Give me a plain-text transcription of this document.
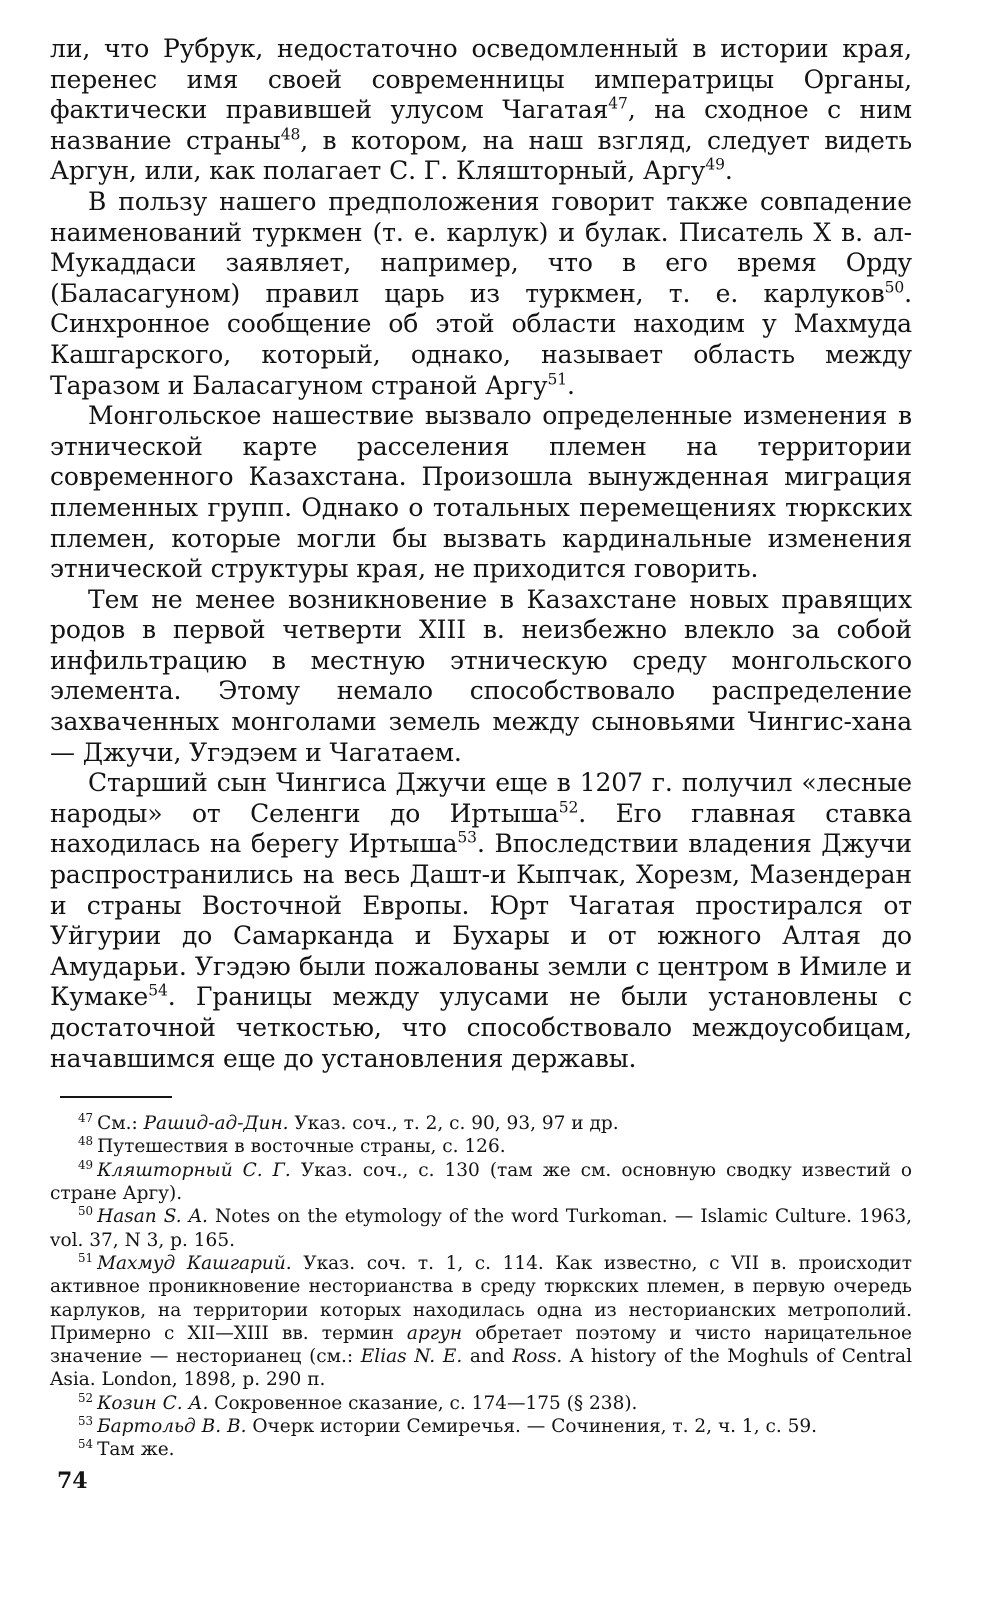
ли, что Рубрук, недостаточно осведомленный в истории края, перенес имя своей современницы императрицы Органы, фактически правившей улусом Чагатая$^{47}$, на сходное с ним название страны$^{48}$, в котором, на наш взгляд, следует видеть Аргун, или, как полагает С. Г. Кляшторный, Аргу$^{49}$.

В пользу нашего предположения говорит также совпадение наименований туркмен (т. е. карлук) и булак. Писатель X в. ал-Мукаддаси заявляет, например, что в его время Орду (Баласагуном) правил царь из туркмен, т. е. карлуков$^{50}$. Синхронное сообщение об этой области находим у Махмуда Кашгарского, который, однако, называет область между Таразом и Баласагуном страной Аргу$^{51}$.

Монгольское нашествие вызвало определенные изменения в этнической карте расселения племен на территории современного Казахстана. Произошла вынужденная миграция племенных групп. Однако о тотальных перемещениях тюркских племен, которые могли бы вызвать кардинальные изменения этнической структуры края, не приходится говорить.

Тем не менее возникновение в Казахстане новых правящих родов в первой четверти XIII в. неизбежно влекло за собой инфильтрацию в местную этническую среду монгольского элемента. Этому немало способствовало распределение захваченных монголами земель между сыновьями Чингис-хана — Джучи, Угэдэем и Чагатаем.

Старший сын Чингиса Джучи еще в 1207 г. получил «лесные народы» от Селенги до Иртыша$^{52}$. Его главная ставка находилась на берегу Иртыша$^{53}$. Впоследствии владения Джучи распространились на весь Дашт-и Кыпчак, Хорезм, Мазендеран и страны Восточной Европы. Юрт Чагатая простирался от Уйгурии до Самарканда и Бухары и от южного Алтая до Амударьи. Угэдэю были пожалованы земли с центром в Имиле и Кумаке$^{54}$. Границы между улусами не были установлены с достаточной четкостью, что способствовало междоусобицам, начавшимся еще до установления державы.

$^{47}$ См.: Рашид-ад-Дин. Указ. соч., т. 2, с. 90, 93, 97 и др.

$^{48}$ Путешествия в восточные страны, с. 126.

$^{49}$ Кляшторный С. Г. Указ. соч., с. 130 (там же см. основную сводку известий о стране Аргу).

$^{50}$ Hasan S. A. Notes on the etymology of the word Turkoman. — Islamic Culture. 1963, vol. 37, N 3, p. 165.

$^{51}$ Махмуд Кашгарий. Указ. соч. т. 1, с. 114. Как известно, с VII в. происходит активное проникновение несторианства в среду тюркских племен, в первую очередь карлуков, на территории которых находилась одна из несторианских метрополий. Примерно с XII—XIII вв. термин аргун обретает поэтому и чисто нарицательное значение — несторианец (см.: Elias N. E. and Ross. A history of the Moghuls of Central Asia. London, 1898, p. 290 п.

$^{52}$ Козин С. А. Сокровенное сказание, с. 174—175 (§ 238).

$^{53}$ Бартольд В. В. Очерк истории Семиречья. — Сочинения, т. 2, ч. 1, с. 59.

$^{54}$ Там же.

74
